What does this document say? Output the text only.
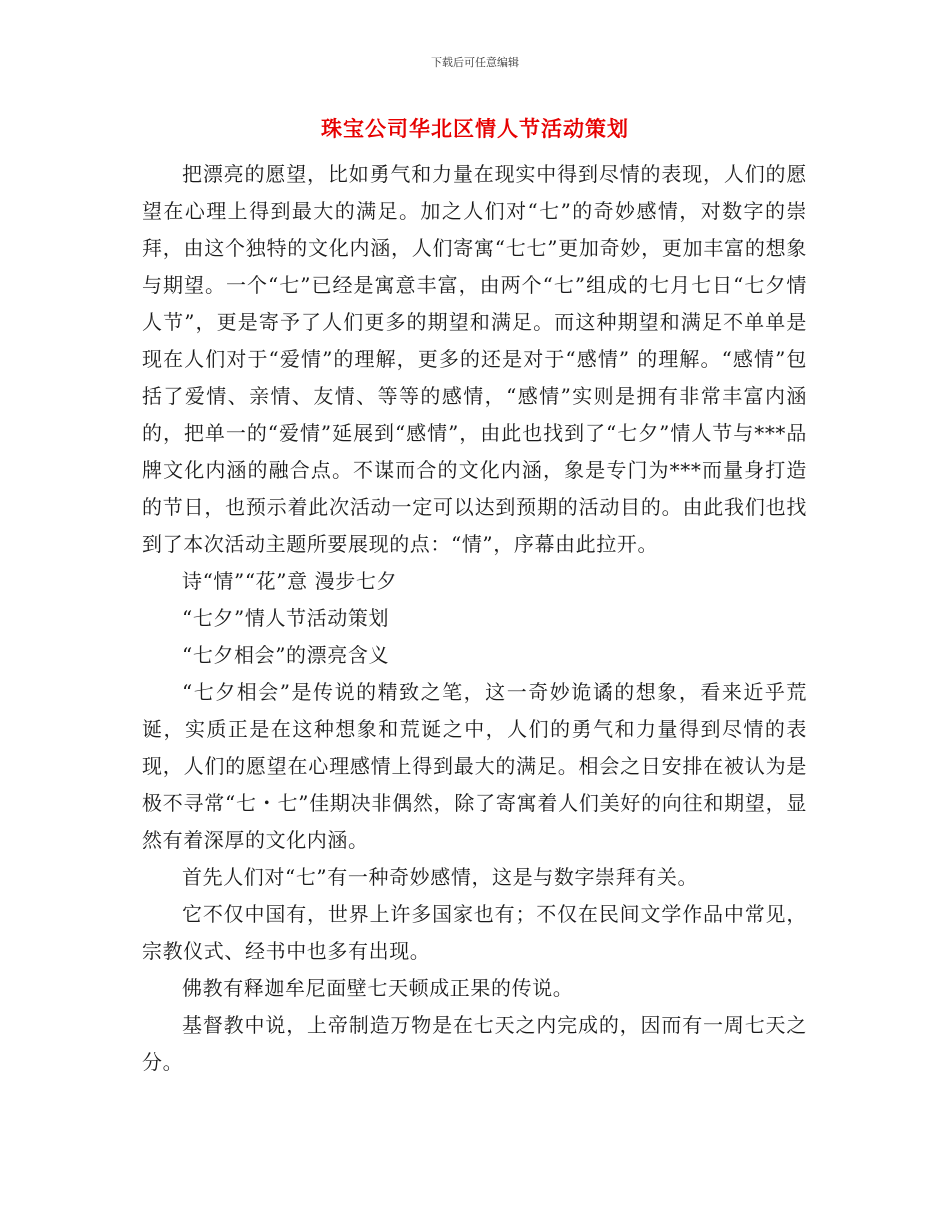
下载后可任意编辑
珠宝公司华北区情人节活动策划

把漂亮的愿望，比如勇气和力量在现实中得到尽情的表现，人们的愿望在心理上得到最大的满足。加之人们对“七”的奇妙感情，对数字的崇拜，由这个独特的文化内涵，人们寄寓“七七”更加奇妙，更加丰富的想象与期望。一个“七”已经是寓意丰富，由两个“七”组成的七月七日“七夕情人节”，更是寄予了人们更多的期望和满足。而这种期望和满足不单单是现在人们对于“爱情”的理解，更多的还是对于“感情” 的理解。“感情”包括了爱情、亲情、友情、等等的感情，“感情”实则是拥有非常丰富内涵的，把单一的“爱情”延展到“感情”，由此也找到了“七夕”情人节与***品牌文化内涵的融合点。不谋而合的文化内涵，象是专门为***而量身打造的节日，也预示着此次活动一定可以达到预期的活动目的。由此我们也找到了本次活动主题所要展现的点：“情”，序幕由此拉开。

诗“情”“花”意 漫步七夕

“七夕”情人节活动策划

“七夕相会”的漂亮含义

“七夕相会”是传说的精致之笔，这一奇妙诡谲的想象，看来近乎荒诞，实质正是在这种想象和荒诞之中，人们的勇气和力量得到尽情的表现，人们的愿望在心理感情上得到最大的满足。相会之日安排在被认为是极不寻常“七・七”佳期决非偶然，除了寄寓着人们美好的向往和期望，显然有着深厚的文化内涵。

首先人们对“七”有一种奇妙感情，这是与数字崇拜有关。

它不仅中国有，世界上许多国家也有；不仅在民间文学作品中常见，宗教仪式、经书中也多有出现。

佛教有释迦牟尼面壁七天顿成正果的传说。

基督教中说，上帝制造万物是在七天之内完成的，因而有一周七天之分。
